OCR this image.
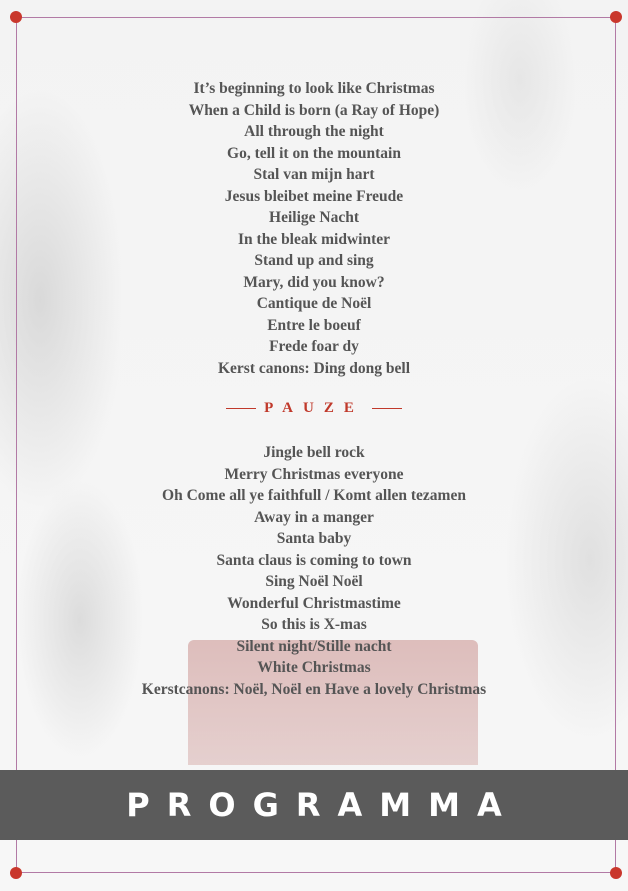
It’s beginning to look like Christmas
When a Child is born (a Ray of Hope)
All through the night
Go, tell it on the mountain
Stal van mijn hart
Jesus bleibet meine Freude
Heilige Nacht
In the bleak midwinter
Stand up and sing
Mary, did you know?
Cantique de Noël
Entre le boeuf
Frede foar dy
Kerst canons: Ding dong bell
PAUZE
Jingle bell rock
Merry Christmas everyone
Oh Come all ye faithfull / Komt allen tezamen
Away in a manger
Santa baby
Santa claus is coming to town
Sing Noël Noël
Wonderful Christmastime
So this is X-mas
Silent night/Stille nacht
White Christmas
Kerstcanons: Noël, Noël en Have a lovely Christmas
PROGRAMMA
